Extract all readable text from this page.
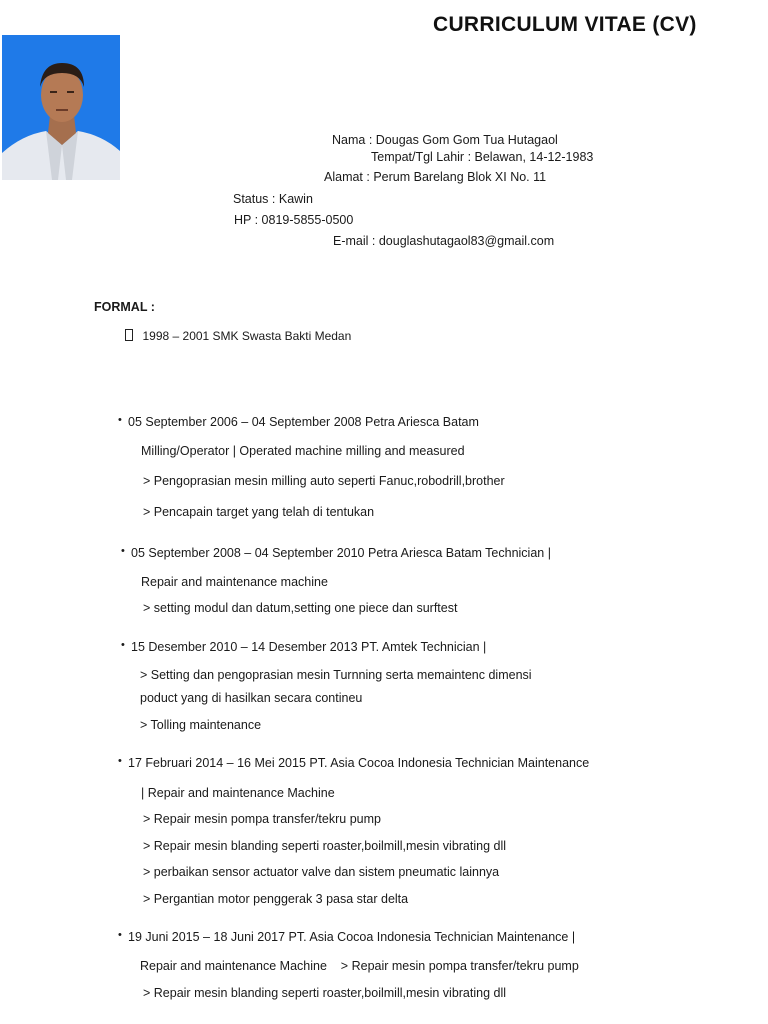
CURRICULUM VITAE (CV)
Nama : Dougas Gom Gom Tua Hutagaol
Tempat/Tgl Lahir : Belawan, 14-12-1983
Alamat : Perum Barelang Blok XI No. 11
Status : Kawin
HP : 0819-5855-0500
E-mail : douglashutagaol83@gmail.com
FORMAL :
1998 – 2001 SMK Swasta Bakti Medan
• 05 September 2006 – 04 September 2008 Petra Ariesca Batam
Milling/Operator | Operated machine milling and measured
> Pengoprasian mesin milling auto seperti Fanuc,robodrill,brother
> Pencapain target yang telah di tentukan
• 05 September 2008 – 04 September 2010 Petra Ariesca Batam Technician |
Repair and maintenance machine
> setting modul dan datum,setting one piece dan surftest
• 15 Desember 2010 – 14 Desember 2013 PT. Amtek Technician |
> Setting dan pengoprasian mesin Turnning serta memaintenc dimensi
poduct yang di hasilkan secara contineu
> Tolling maintenance
• 17 Februari 2014 – 16 Mei 2015 PT. Asia Cocoa Indonesia Technician Maintenance
| Repair and maintenance Machine
> Repair mesin pompa transfer/tekru pump
> Repair mesin blanding seperti roaster,boilmill,mesin vibrating dll
> perbaikan sensor actuator valve dan sistem pneumatic lainnya
> Pergantian motor penggerak 3 pasa star delta
• 19 Juni 2015 – 18 Juni 2017 PT. Asia Cocoa Indonesia Technician Maintenance |
Repair and maintenance Machine    > Repair mesin pompa transfer/tekru pump
> Repair mesin blanding seperti roaster,boilmill,mesin vibrating dll
